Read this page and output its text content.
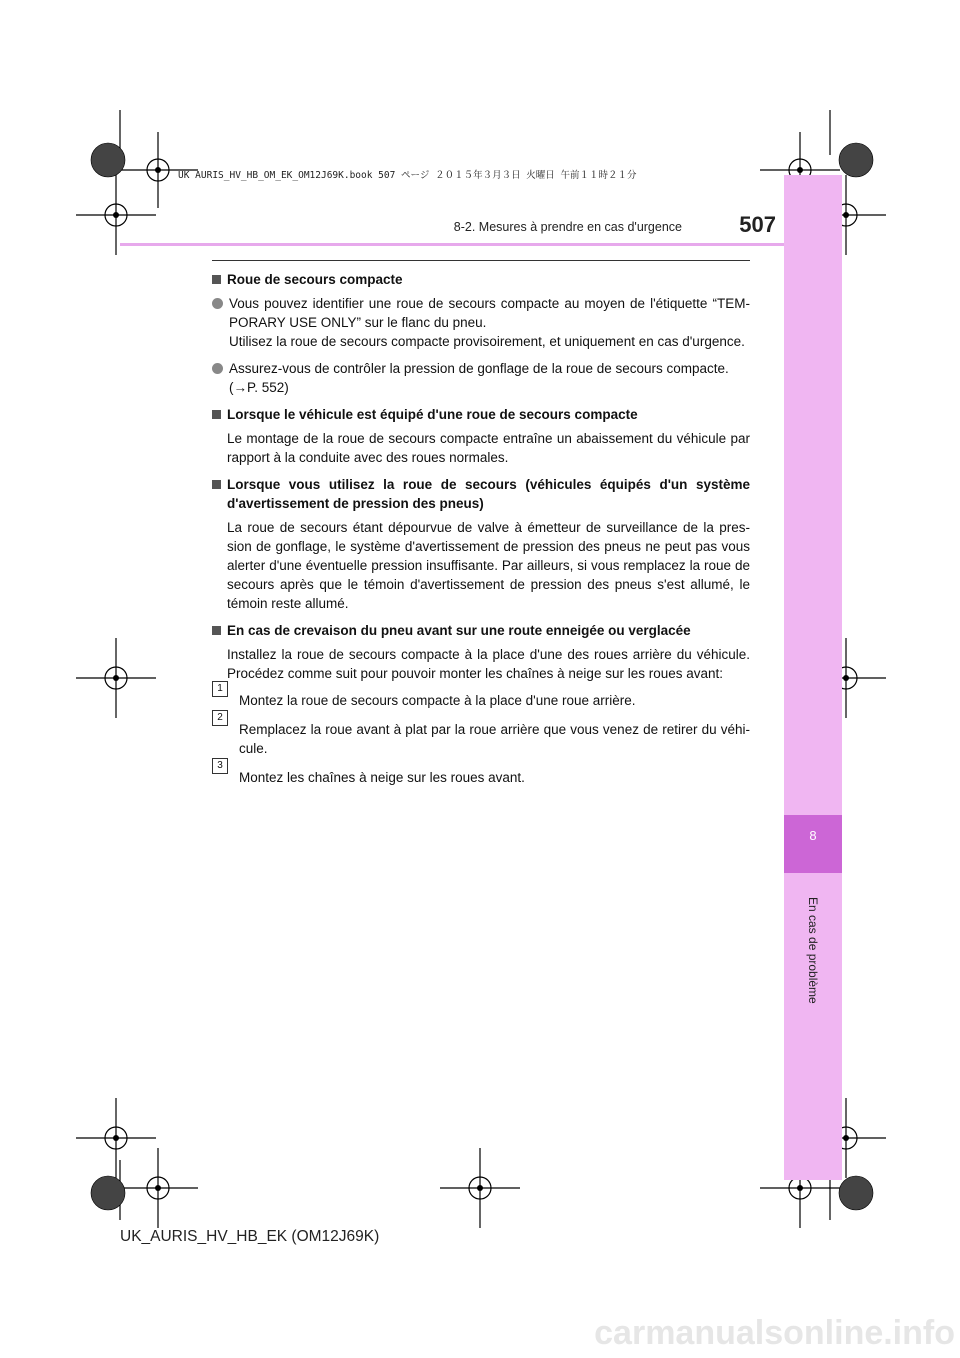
UK AURIS_HV_HB_OM_EK_OM12J69K.book 507 ページ ２０１５年３月３日 火曜日 午前１１時２１分
8
En cas de problème
8-2. Mesures à prendre en cas d'urgence	507
Roue de secours compacte
Vous pouvez identifier une roue de secours compacte au moyen de l'étiquette “TEM-PORARY USE ONLY” sur le flanc du pneu.
Utilisez la roue de secours compacte provisoirement, et uniquement en cas d'urgence.
Assurez-vous de contrôler la pression de gonflage de la roue de secours compacte.
(→P. 552)
Lorsque le véhicule est équipé d'une roue de secours compacte
Le montage de la roue de secours compacte entraîne un abaissement du véhicule par rapport à la conduite avec des roues normales.
Lorsque vous utilisez la roue de secours (véhicules équipés d'un système d'avertissement de pression des pneus)
La roue de secours étant dépourvue de valve à émetteur de surveillance de la pres-sion de gonflage, le système d'avertissement de pression des pneus ne peut pas vous alerter d'une éventuelle pression insuffisante. Par ailleurs, si vous remplacez la roue de secours après que le témoin d'avertissement de pression des pneus s'est allumé, le témoin reste allumé.
En cas de crevaison du pneu avant sur une route enneigée ou verglacée
Installez la roue de secours compacte à la place d'une des roues arrière du véhicule. Procédez comme suit pour pouvoir monter les chaînes à neige sur les roues avant:
1
Montez la roue de secours compacte à la place d'une roue arrière.
2
Remplacez la roue avant à plat par la roue arrière que vous venez de retirer du véhi-cule.
3
Montez les chaînes à neige sur les roues avant.
UK_AURIS_HV_HB_EK (OM12J69K)
carmanualsonline.info
